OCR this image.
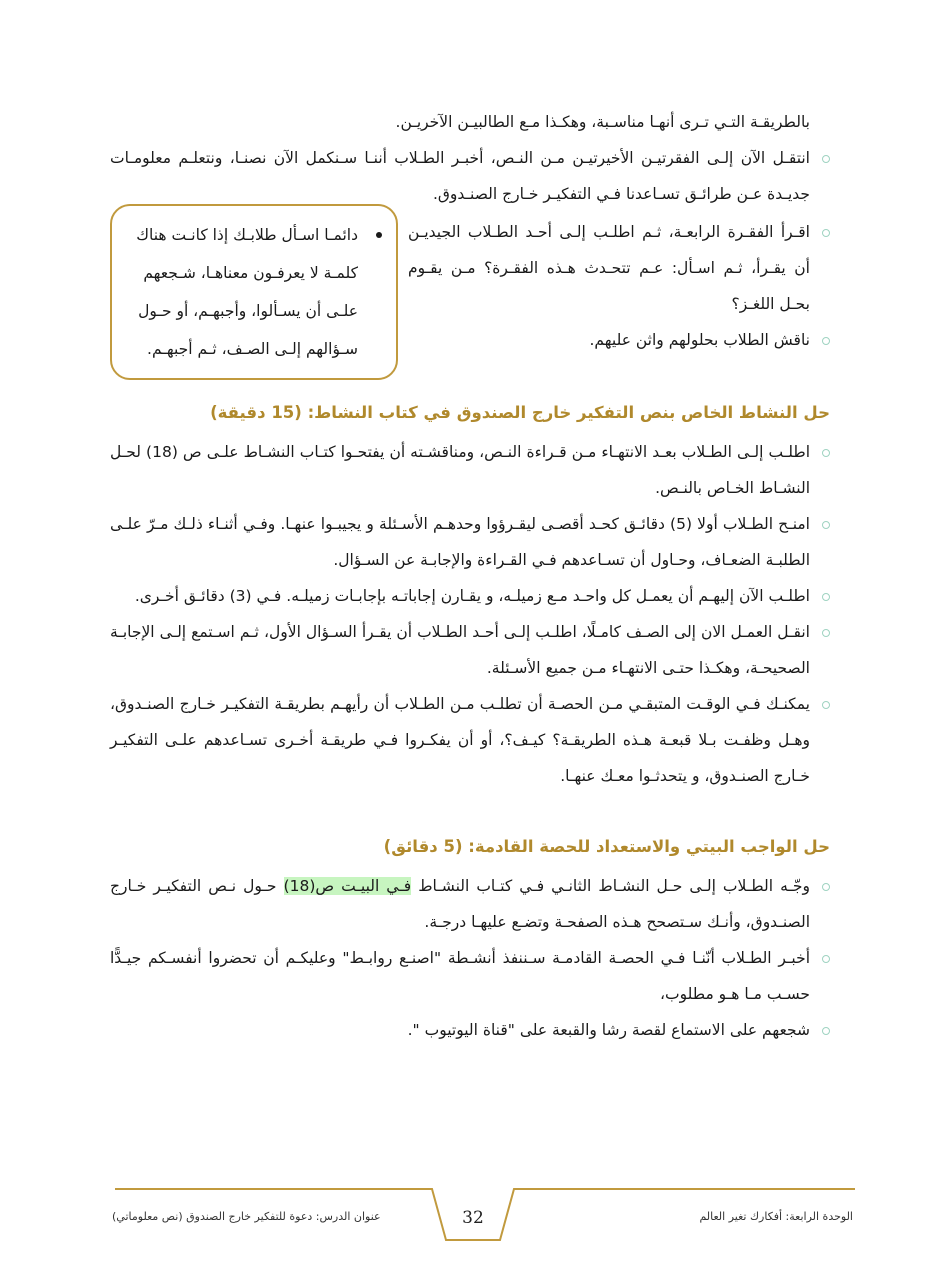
بالطريقـة التـي تـرى أنهـا مناسـبة، وهكـذا مـع الطالبيـن الآخريـن.

انتقـل الآن إلـى الفقرتيـن الأخيرتيـن مـن النـص، أخبـر الطـلاب أننـا سـنكمل الآن نصنـا، ونتعلـم معلومـات جديـدة عـن طرائـق تسـاعدنا فـي التفكيـر خـارج الصنـدوق.
اقـرأ الفقـرة الرابعـة، ثـم اطلـب إلـى أحـد الطـلاب الجيديـن أن يقـرأ، ثـم اسـأل: عـم تتحـدث هـذه الفقـرة؟ مـن يقـوم بحـل اللغـز؟
ناقش الطلاب بحلولهم واثن عليهم.

دائمـا اسـأل طلابـك إذا كانـت هناك

كلمـة لا يعرفـون معناهـا، شـجعهم

علـى أن يسـألوا، وأجبهـم، أو حـول

سـؤالهم إلـى الصـف، ثـم أجبهـم.

حل النشاط الخاص بنص التفكير خارج الصندوق في كتاب النشاط: (15 دقيقة)
اطلـب إلـى الطـلاب بعـد الانتهـاء مـن قـراءة النـص، ومناقشـته أن يفتحـوا كتـاب النشـاط علـى ص (18) لحـل النشـاط الخـاص بالنـص.
امنـح الطـلاب أولا (5) دقائـق كحـد أقصـى ليقـرؤوا وحدهـم الأسـئلة و يجيبـوا عنهـا. وفـي أثنـاء ذلـك مـرّ علـى الطلبـة الضعـاف، وحـاول أن تسـاعدهم فـي القـراءة والإجابـة عن السـؤال.
اطلـب الآن إليهـم أن يعمـل كل واحـد مـع زميلـه، و يقـارن إجاباتـه بإجابـات زميلـه. فـي (3) دقائـق أخـرى.
انقـل العمـل الان إلى الصـف كامـلًا، اطلـب إلـى أحـد الطـلاب أن يقـرأ السـؤال الأول، ثـم اسـتمع إلـى الإجابـة الصحيحـة، وهكـذا حتـى الانتهـاء مـن جميع الأسـئلة.
يمكنـك فـي الوقـت المتبقـي مـن الحصـة أن تطلـب مـن الطـلاب أن رأيهـم بطريقـة التفكيـر خـارج الصنـدوق، وهـل وظفـت بـلا قبعـة هـذه الطريقـة؟ كيـف؟، أو أن يفكـروا فـي طريقـة أخـرى تسـاعدهم علـى التفكيـر خـارج الصنـدوق، و يتحدثـوا معـك عنهـا.
حل الواجب البيتي والاستعداد للحصة القادمة: (5 دقائق)
وجّـه الطـلاب إلـى حـل النشـاط الثانـي فـي كتـاب النشـاط فـي البيـت ص(18) حـول نـص التفكيـر خـارج الصنـدوق، وأنـك سـتصحح هـذه الصفحـة وتضـع عليهـا درجـة.
أخبـر الطـلاب أنّنـا فـي الحصـة القادمـة سـننفذ أنشـطة "اصنـع روابـط" وعليكـم أن تحضروا أنفسـكم جيـدًّا حسـب مـا هـو مطلوب،
شجعهم على الاستماع لقصة رشا والقبعة على "قناة اليوتيوب ".
الوحدة الرابعة: أفكارك تغير العالم
32
عنوان الدرس: دعوة للتفكير خارج الصندوق (نص معلوماتي)
